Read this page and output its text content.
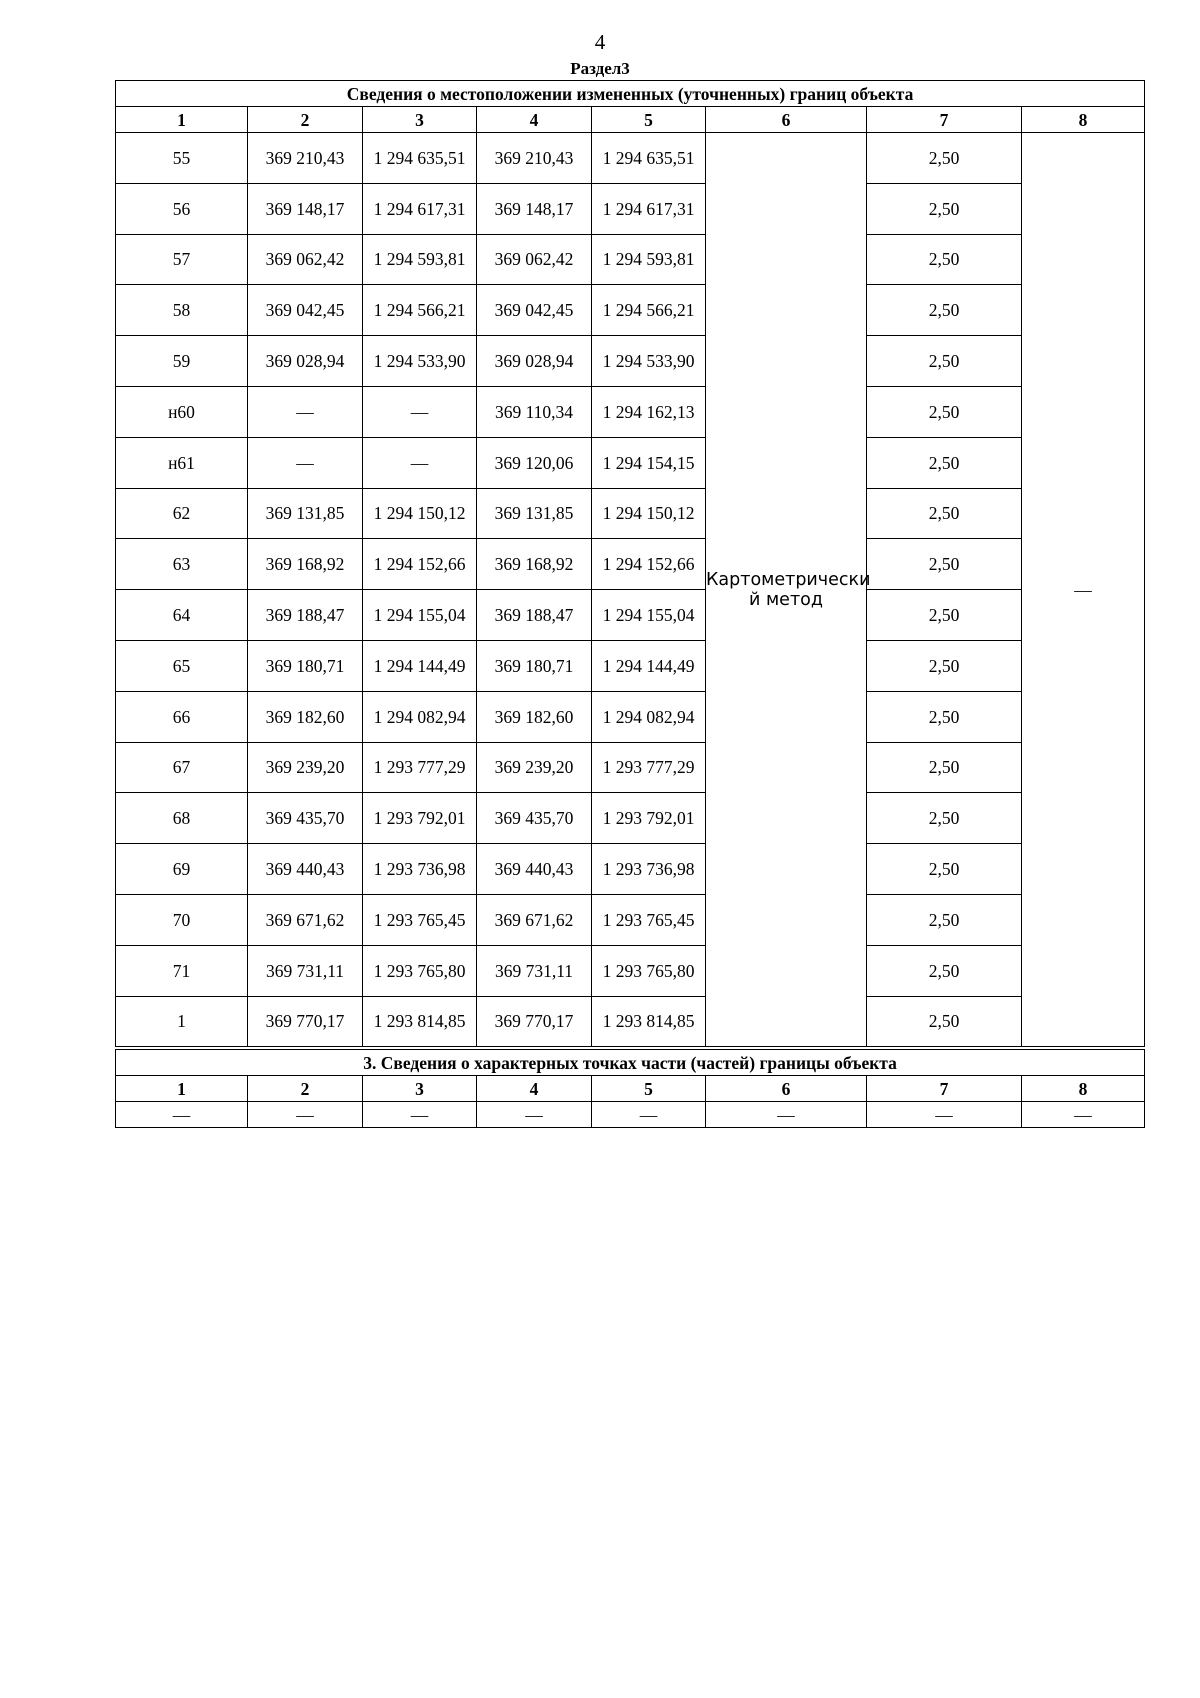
4
Раздел3
Сведения о местоположении измененных (уточненных) границ объекта							
1	2	3	4	5	6	7	8
55	369 210,43	1 294 635,51	369 210,43	1 294 635,51	Картометрически й метод	2,50	—
56	369 148,17	1 294 617,31	369 148,17	1 294 617,31		2,50	
57	369 062,42	1 294 593,81	369 062,42	1 294 593,81		2,50	
58	369 042,45	1 294 566,21	369 042,45	1 294 566,21		2,50	
59	369 028,94	1 294 533,90	369 028,94	1 294 533,90		2,50	
н60	—	—	369 110,34	1 294 162,13		2,50	
н61	—	—	369 120,06	1 294 154,15		2,50	
62	369 131,85	1 294 150,12	369 131,85	1 294 150,12		2,50	
63	369 168,92	1 294 152,66	369 168,92	1 294 152,66		2,50	
64	369 188,47	1 294 155,04	369 188,47	1 294 155,04		2,50	
65	369 180,71	1 294 144,49	369 180,71	1 294 144,49		2,50	
66	369 182,60	1 294 082,94	369 182,60	1 294 082,94		2,50	
67	369 239,20	1 293 777,29	369 239,20	1 293 777,29		2,50	
68	369 435,70	1 293 792,01	369 435,70	1 293 792,01		2,50	
69	369 440,43	1 293 736,98	369 440,43	1 293 736,98		2,50	
70	369 671,62	1 293 765,45	369 671,62	1 293 765,45		2,50	
71	369 731,11	1 293 765,80	369 731,11	1 293 765,80		2,50	
1	369 770,17	1 293 814,85	369 770,17	1 293 814,85		2,50	
3. Сведения о характерных точках части (частей) границы объекта							
1	2	3	4	5	6	7	8
—	—	—	—	—	—	—	—
